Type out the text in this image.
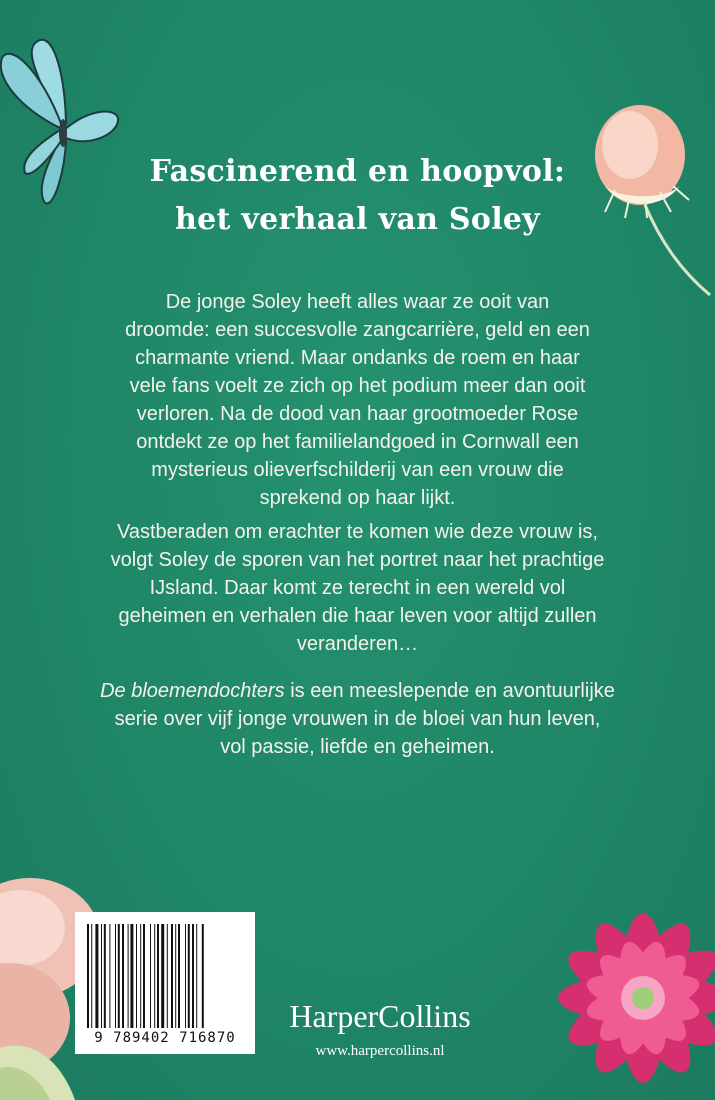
Fascinerend en hoopvol:
het verhaal van Soley

De jonge Soley heeft alles waar ze ooit van

droomde: een succesvolle zangcarrière, geld en een

charmante vriend. Maar ondanks de roem en haar

vele fans voelt ze zich op het podium meer dan ooit

verloren. Na de dood van haar grootmoeder Rose

ontdekt ze op het familielandgoed in Cornwall een

mysterieus olieverfschilderij van een vrouw die

sprekend op haar lijkt.

Vastberaden om erachter te komen wie deze vrouw is,

volgt Soley de sporen van het portret naar het prachtige

IJsland. Daar komt ze terecht in een wereld vol

geheimen en verhalen die haar leven voor altijd zullen

veranderen…

De bloemendochters is een meeslepende en avontuurlijke

serie over vijf jonge vrouwen in de bloei van hun leven,

vol passie, liefde en geheimen.

9 789402 716870
HarperCollins
www.harpercollins.nl
